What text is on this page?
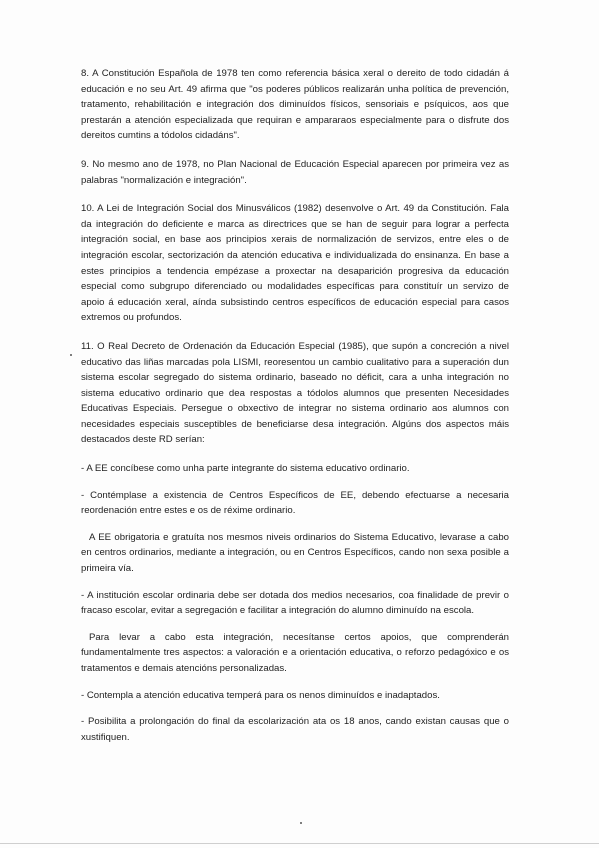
8. A Constitución Española de 1978 ten como referencia básica xeral o dereito de todo cidadán á educación e no seu Art. 49 afirma que "os poderes públicos realizarán unha política de prevención, tratamento, rehabilitación e integración dos diminuídos físicos, sensoriais e psíquicos, aos que prestarán a atención especializada que requiran e ampararaos especialmente para o disfrute dos dereitos cumtins a tódolos cidadáns".

9. No mesmo ano de 1978, no Plan Nacional de Educación Especial aparecen por primeira vez as palabras "normalización e integración".

10. A Lei de Integración Social dos Minusválicos (1982) desenvolve o Art. 49 da Constitución. Fala da integración do deficiente e marca as directrices que se han de seguir para lograr a perfecta integración social, en base aos principios xerais de normalización de servizos, entre eles o de integración escolar, sectorización da atención educativa e individualizada do ensinanza. En base a estes principios a tendencia empézase a proxectar na desaparición progresiva da educación especial como subgrupo diferenciado ou modalidades específicas para constituír un servizo de apoio á educación xeral, aínda subsistindo centros específicos de educación especial para casos extremos ou profundos.

11. O Real Decreto de Ordenación da Educación Especial (1985), que supón a concreción a nivel educativo das liñas marcadas pola LISMI, reoresentou un cambio cualitativo para a superación dun sistema escolar segregado do sistema ordinario, baseado no déficit, cara a unha integración no sistema educativo ordinario que dea respostas a tódolos alumnos que presenten Necesidades Educativas Especiais. Persegue o obxectivo de integrar no sistema ordinario aos alumnos con necesidades especiais susceptibles de beneficiarse desa integración. Algúns dos aspectos máis destacados deste RD serían:

- A EE concíbese como unha parte integrante do sistema educativo ordinario.

- Contémplase a existencia de Centros Específicos de EE, debendo efectuarse a necesaria reordenación entre estes e os de réxime ordinario.

A EE obrigatoria e gratuíta nos mesmos niveis ordinarios do Sistema Educativo, levarase a cabo en centros ordinarios, mediante a integración, ou en Centros Específicos, cando non sexa posible a primeira vía.

- A institución escolar ordinaria debe ser dotada dos medios necesarios, coa finalidade de previr o fracaso escolar, evitar a segregación e facilitar a integración do alumno diminuído na escola.

Para levar a cabo esta integración, necesítanse certos apoios, que comprenderán fundamentalmente tres aspectos: a valoración e a orientación educativa, o reforzo pedagóxico e os tratamentos e demais atencións personalizadas.

- Contempla a atención educativa temperá para os nenos diminuídos e inadaptados.

- Posibilita a prolongación do final da escolarización ata os 18 anos, cando existan causas que o xustifiquen.
